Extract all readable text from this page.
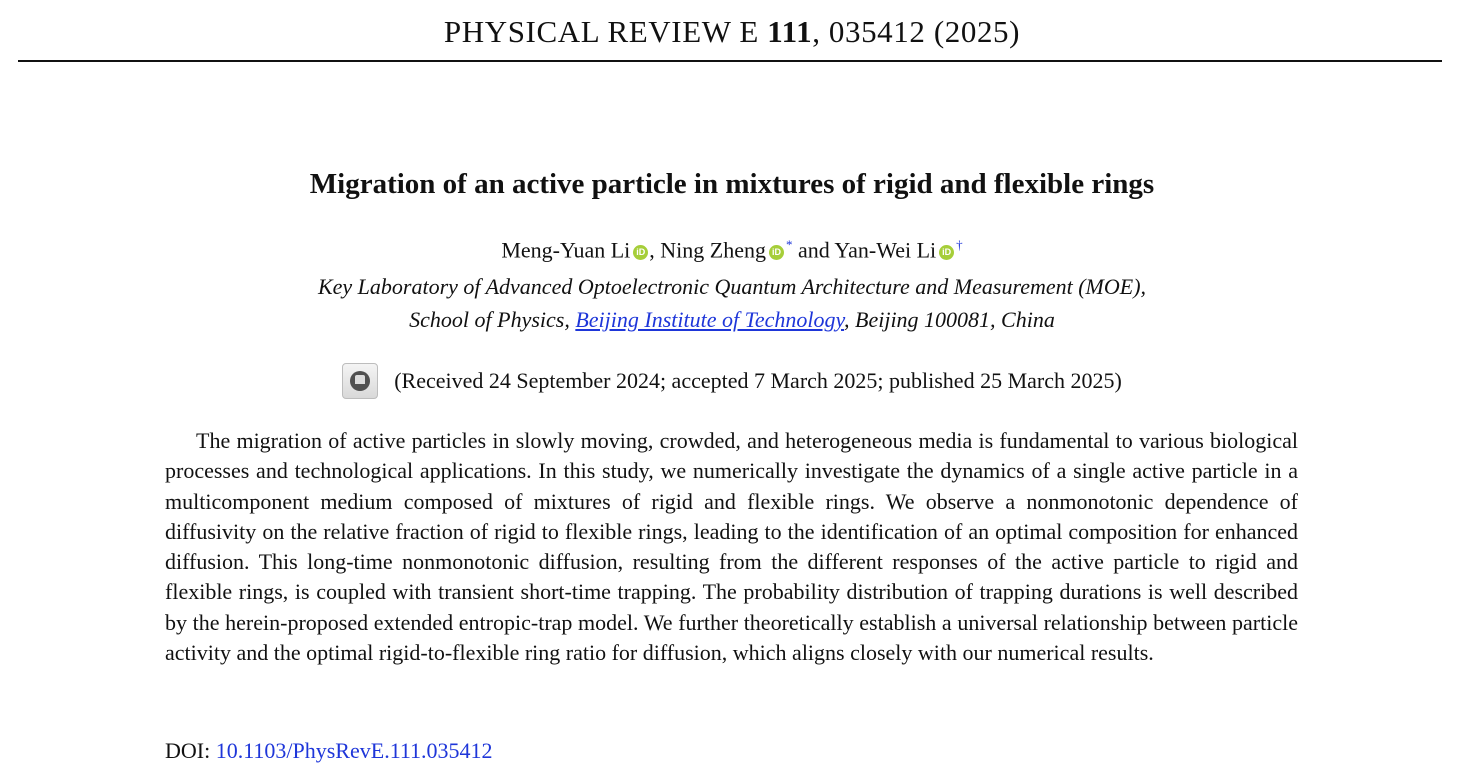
PHYSICAL REVIEW E 111, 035412 (2025)
Migration of an active particle in mixtures of rigid and flexible rings
Meng-Yuan Li iD , Ning Zheng iD* and Yan-Wei Li iD†
Key Laboratory of Advanced Optoelectronic Quantum Architecture and Measurement (MOE),
School of Physics, Beijing Institute of Technology, Beijing 100081, China
(Received 24 September 2024; accepted 7 March 2025; published 25 March 2025)

The migration of active particles in slowly moving, crowded, and heterogeneous media is fundamental to various biological processes and technological applications. In this study, we numerically investigate the dynamics of a single active particle in a multicomponent medium composed of mixtures of rigid and flexible rings. We observe a nonmonotonic dependence of diffusivity on the relative fraction of rigid to flexible rings, leading to the identification of an optimal composition for enhanced diffusion. This long-time nonmonotonic diffusion, resulting from the different responses of the active particle to rigid and flexible rings, is coupled with transient short-time trapping. The probability distribution of trapping durations is well described by the herein-proposed extended entropic-trap model. We further theoretically establish a universal relationship between particle activity and the optimal rigid-to-flexible ring ratio for diffusion, which aligns closely with our numerical results.

DOI: 10.1103/PhysRevE.111.035412
